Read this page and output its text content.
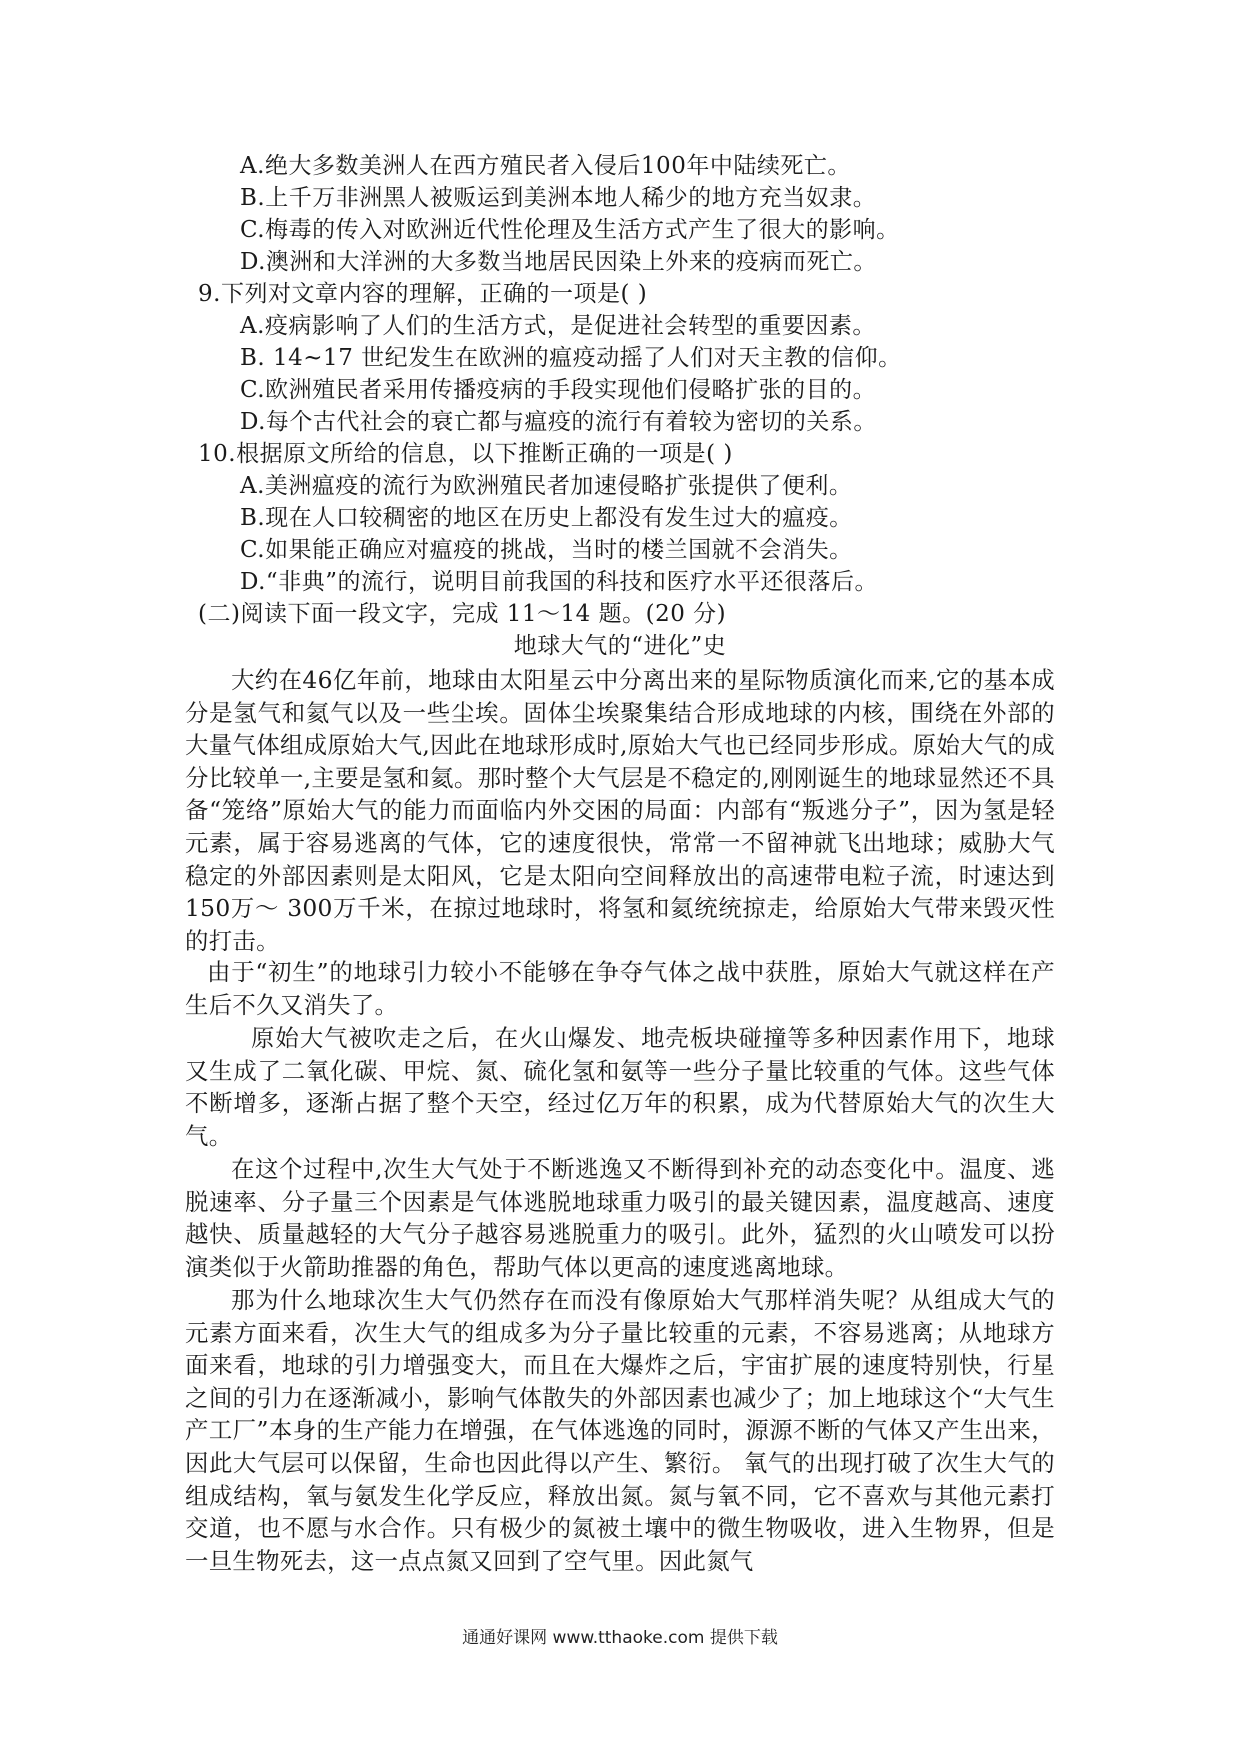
A.绝大多数美洲人在西方殖民者入侵后100年中陆续死亡。
B.上千万非洲黑人被贩运到美洲本地人稀少的地方充当奴隶。
C.梅毒的传入对欧洲近代性伦理及生活方式产生了很大的影响。
D.澳洲和大洋洲的大多数当地居民因染上外来的疫病而死亡。
9.下列对文章内容的理解，正确的一项是( )
A.疫病影响了人们的生活方式，是促进社会转型的重要因素。
B. 14~17 世纪发生在欧洲的瘟疫动摇了人们对天主教的信仰。
C.欧洲殖民者采用传播疫病的手段实现他们侵略扩张的目的。
D.每个古代社会的衰亡都与瘟疫的流行有着较为密切的关系。
10.根据原文所给的信息，以下推断正确的一项是( )
A.美洲瘟疫的流行为欧洲殖民者加速侵略扩张提供了便利。
B.现在人口较稠密的地区在历史上都没有发生过大的瘟疫。
C.如果能正确应对瘟疫的挑战，当时的楼兰国就不会消失。
D.“非典”的流行，说明目前我国的科技和医疗水平还很落后。
(二)阅读下面一段文字，完成 11～14 题。(20 分)
地球大气的“进化”史
大约在46亿年前，地球由太阳星云中分离出来的星际物质演化而来,它的基本成分是氢气和氦气以及一些尘埃。固体尘埃聚集结合形成地球的内核，围绕在外部的大量气体组成原始大气,因此在地球形成时,原始大气也已经同步形成。原始大气的成分比较单一,主要是氢和氦。那时整个大气层是不稳定的,刚刚诞生的地球显然还不具备“笼络”原始大气的能力而面临内外交困的局面：内部有“叛逃分子”，因为氢是轻元素，属于容易逃离的气体，它的速度很快，常常一不留神就飞出地球；威胁大气稳定的外部因素则是太阳风，它是太阳向空间释放出的高速带电粒子流，时速达到 150万～ 300万千米，在掠过地球时，将氢和氦统统掠走，给原始大气带来毁灭性的打击。
由于“初生”的地球引力较小不能够在争夺气体之战中获胜，原始大气就这样在产生后不久又消失了。
原始大气被吹走之后，在火山爆发、地壳板块碰撞等多种因素作用下，地球又生成了二氧化碳、甲烷、氮、硫化氢和氨等一些分子量比较重的气体。这些气体不断增多，逐渐占据了整个天空，经过亿万年的积累，成为代替原始大气的次生大气。
在这个过程中,次生大气处于不断逃逸又不断得到补充的动态变化中。温度、逃脱速率、分子量三个因素是气体逃脱地球重力吸引的最关键因素，温度越高、速度越快、质量越轻的大气分子越容易逃脱重力的吸引。此外，猛烈的火山喷发可以扮演类似于火箭助推器的角色，帮助气体以更高的速度逃离地球。
那为什么地球次生大气仍然存在而没有像原始大气那样消失呢？从组成大气的元素方面来看，次生大气的组成多为分子量比较重的元素，不容易逃离；从地球方面来看，地球的引力增强变大，而且在大爆炸之后，宇宙扩展的速度特别快，行星之间的引力在逐渐减小，影响气体散失的外部因素也减少了；加上地球这个“大气生产工厂”本身的生产能力在增强，在气体逃逸的同时，源源不断的气体又产生出来，因此大气层可以保留，生命也因此得以产生、繁衍。 氧气的出现打破了次生大气的组成结构，氧与氨发生化学反应，释放出氮。氮与氧不同，它不喜欢与其他元素打交道，也不愿与水合作。只有极少的氮被土壤中的微生物吸收，进入生物界，但是一旦生物死去，这一点点氮又回到了空气里。因此氮气
通通好课网 www.tthaoke.com 提供下载
